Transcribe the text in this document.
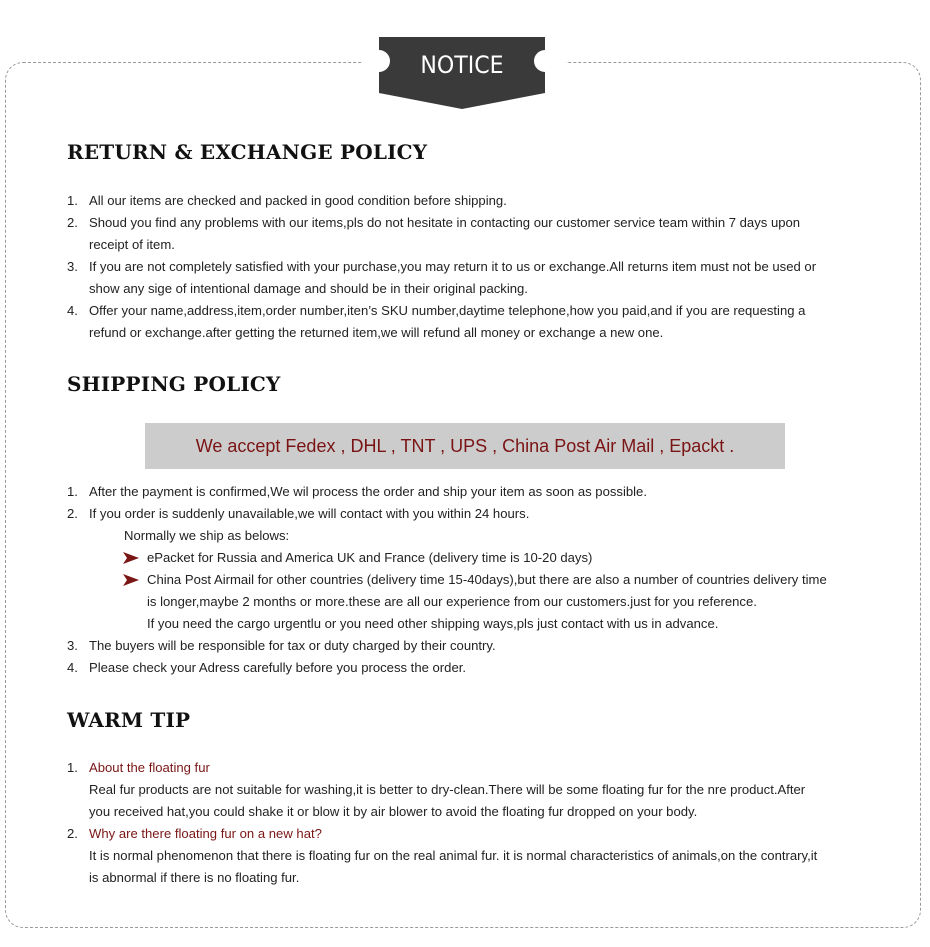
NOTICE
RETURN & EXCHANGE POLICY
1. All our items are checked and packed in good condition before shipping.
2. Shoud you find any problems with our items,pls do not hesitate in contacting our customer service team within 7 days upon
receipt of item.
3. If you are not completely satisfied with your purchase,you may return it to us or exchange.All returns item must not be used or
show any sige of intentional damage and should be in their original packing.
4. Offer your name,address,item,order number,iten’s SKU number,daytime telephone,how you paid,and if you are requesting a
refund or exchange.after getting the returned item,we will refund all money or exchange a new one.
SHIPPING POLICY
We accept Fedex , DHL , TNT , UPS , China Post Air Mail , Epackt .
1. After the payment is confirmed,We wil process the order and ship your item as soon as possible.
2. If you order is suddenly unavailable,we will contact with you within 24 hours.
Normally we ship as belows:
ePacket for Russia and America UK and France (delivery time is 10-20 days)
China Post Airmail for other countries (delivery time 15-40days),but there are also a number of countries delivery time
is longer,maybe 2 months or more.these are all our experience from our customers.just for you reference.
If you need the cargo urgentlu or you need other shipping ways,pls just contact with us in advance.
3. The buyers will be responsible for tax or duty charged by their country.
4. Please check your Adress carefully before you process the order.
WARM TIP
1. About the floating fur
Real fur products are not suitable for washing,it is better to dry-clean.There will be some floating fur for the nre product.After
you received hat,you could shake it or blow it by air blower to avoid the floating fur dropped on your body.
2. Why are there floating fur on a new hat?
It is normal phenomenon that there is floating fur on the real animal fur. it is normal characteristics of animals,on the contrary,it
is abnormal if there is no floating fur.
